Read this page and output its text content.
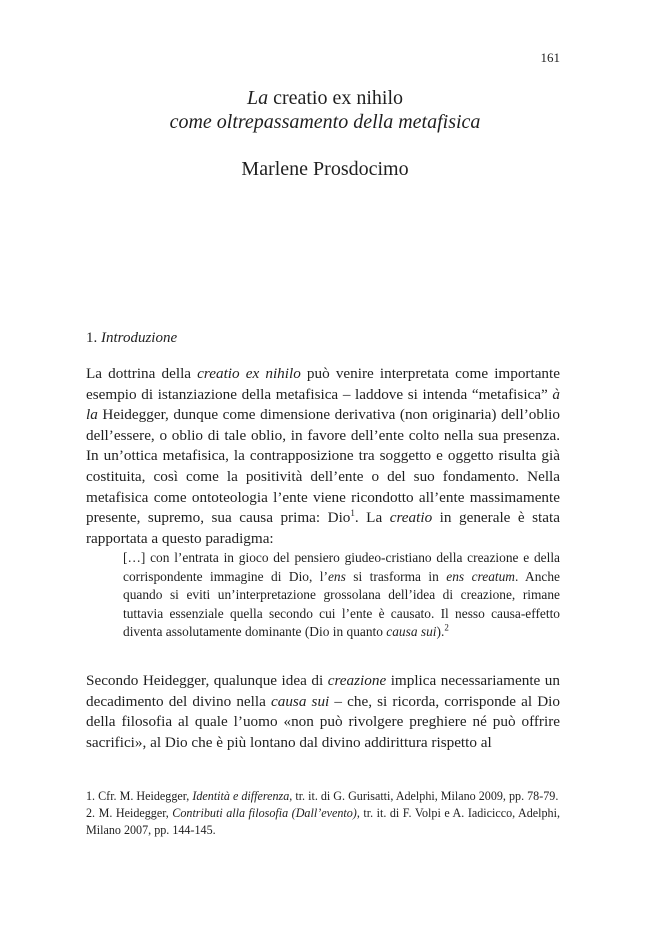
161
La creatio ex nihilo
come oltrepassamento della metafisica
Marlene Prosdocimo
1. Introduzione

La dottrina della creatio ex nihilo può venire interpretata come importante esempio di istanziazione della metafisica – laddove si intenda “metafisica” à la Heidegger, dunque come dimensione derivativa (non originaria) dell’oblio dell’essere, o oblio di tale oblio, in favore dell’ente colto nella sua presenza. In un’ottica metafisica, la contrapposizione tra soggetto e oggetto risulta già costituita, così come la positività dell’ente o del suo fondamento. Nella metafisica come ontoteologia l’ente viene ricondotto all’ente massimamente presente, supremo, sua causa prima: Dio$^1$. La creatio in generale è stata rapportata a questo paradigma:

[…] con l’entrata in gioco del pensiero giudeo-cristiano della creazione e della corrispondente immagine di Dio, l’ens si trasforma in ens creatum. Anche quando si eviti un’interpretazione grossolana dell’idea di creazione, rimane tuttavia essenziale quella secondo cui l’ente è causato. Il nesso causa-effetto diventa assolutamente dominante (Dio in quanto causa sui).$^2$

Secondo Heidegger, qualunque idea di creazione implica necessariamente un decadimento del divino nella causa sui – che, si ricorda, corrisponde al Dio della filosofia al quale l’uomo «non può rivolgere preghiere né può offrire sacrifici», al Dio che è più lontano dal divino addirittura rispetto al

1. Cfr. M. Heidegger, Identità e differenza, tr. it. di G. Gurisatti, Adelphi, Milano 2009, pp. 78-79.

2. M. Heidegger, Contributi alla filosofia (Dall’evento), tr. it. di F. Volpi e A. Iadicicco, Adelphi, Milano 2007, pp. 144-145.
